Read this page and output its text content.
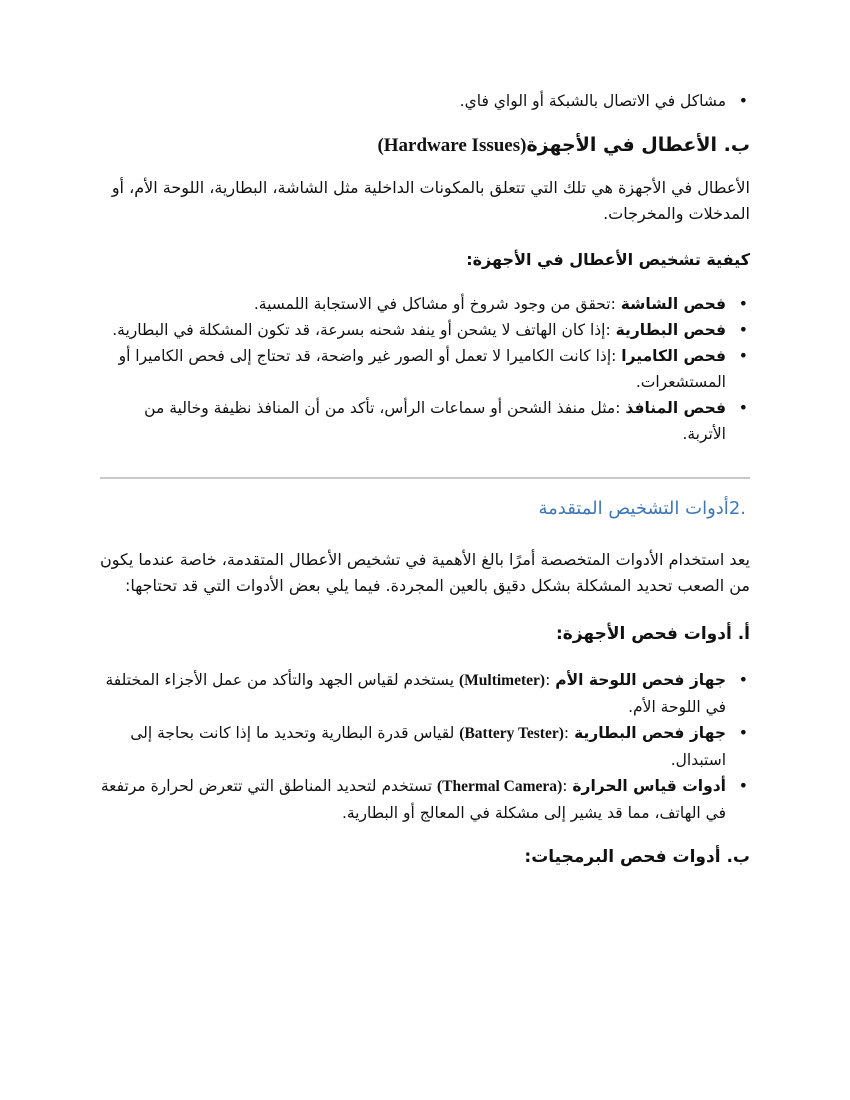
• مشاكل في الاتصال بالشبكة أو الواي فاي.
ب. الأعطال في الأجهزة(Hardware Issues)

الأعطال في الأجهزة هي تلك التي تتعلق بالمكونات الداخلية مثل الشاشة، البطارية، اللوحة الأم، أو المدخلات والمخرجات.

كيفية تشخيص الأعطال في الأجهزة:
• فحص الشاشة :تحقق من وجود شروخ أو مشاكل في الاستجابة اللمسية.
• فحص البطارية :إذا كان الهاتف لا يشحن أو ينفد شحنه بسرعة، قد تكون المشكلة في البطارية.
• فحص الكاميرا :إذا كانت الكاميرا لا تعمل أو الصور غير واضحة، قد تحتاج إلى فحص الكاميرا أو المستشعرات.
• فحص المنافذ :مثل منفذ الشحن أو سماعات الرأس، تأكد من أن المنافذ نظيفة وخالية من الأتربة.
2.أدوات التشخيص المتقدمة

يعد استخدام الأدوات المتخصصة أمرًا بالغ الأهمية في تشخيص الأعطال المتقدمة، خاصة عندما يكون من الصعب تحديد المشكلة بشكل دقيق بالعين المجردة. فيما يلي بعض الأدوات التي قد تحتاجها:

أ. أدوات فحص الأجهزة:
• جهاز فحص اللوحة الأم :(Multimeter) يستخدم لقياس الجهد والتأكد من عمل الأجزاء المختلفة في اللوحة الأم.
• جهاز فحص البطارية :(Battery Tester) لقياس قدرة البطارية وتحديد ما إذا كانت بحاجة إلى استبدال.
• أدوات قياس الحرارة :(Thermal Camera) تستخدم لتحديد المناطق التي تتعرض لحرارة مرتفعة في الهاتف، مما قد يشير إلى مشكلة في المعالج أو البطارية.
ب. أدوات فحص البرمجيات:
